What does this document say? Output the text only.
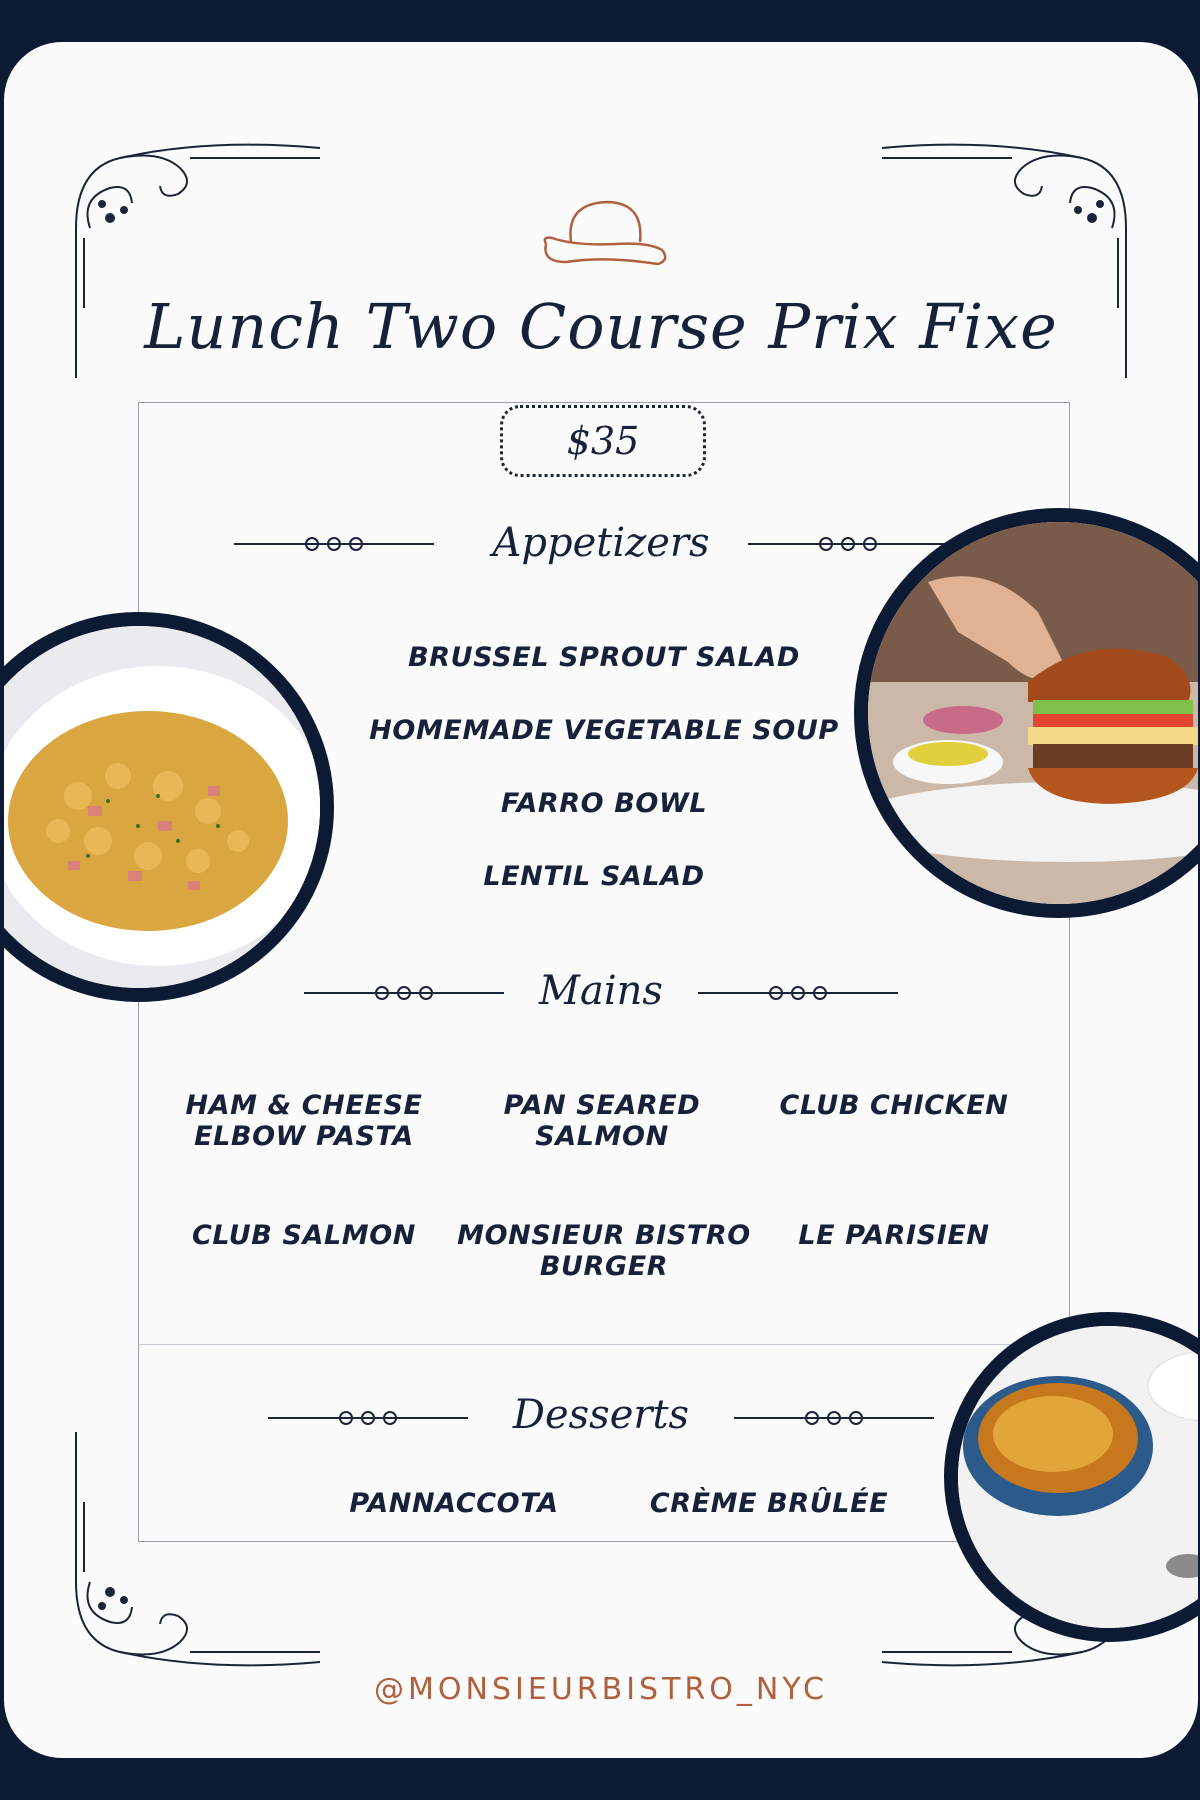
Lunch Two Course Prix Fixe
$35
Appetizers
BRUSSEL SPROUT SALAD
HOMEMADE VEGETABLE SOUP
FARRO BOWL
LENTIL SALAD
Mains
HAM & CHEESE ELBOW PASTA
PAN SEARED SALMON
CLUB CHICKEN
CLUB SALMON	MONSIEUR BISTRO BURGER
LE PARISIEN
Desserts
PANNACCOTA	CRÈME BRÛLÉE
@MONSIEURBISTRO_NYC
